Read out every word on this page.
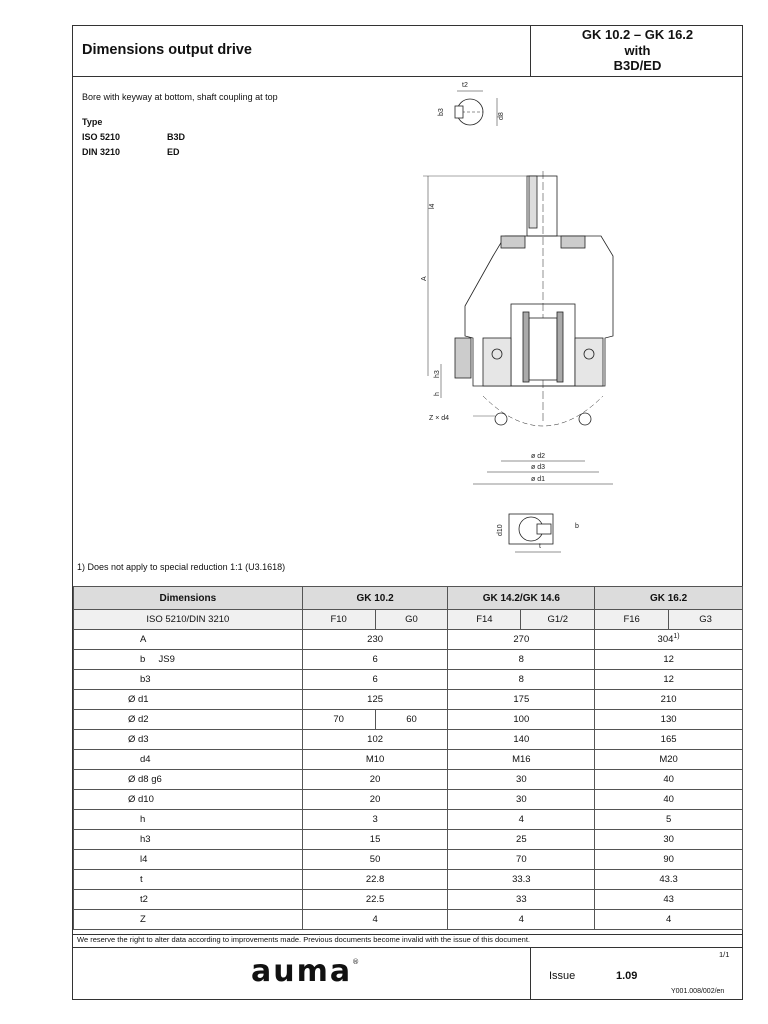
Dimensions output drive
GK 10.2 – GK 16.2
with
B3D/ED
Bore with keyway at bottom, shaft coupling at top
Type
ISO 5210	B3D
DIN 3210	ED
t2
b3
d8
l4
A
h3
h
Z × d4
ø d2
ø d3
ø d1
d10	b
t
1) Does not apply to special reduction 1:1 (U3.1618)
Dimensions	GK 10.2		GK 14.2/GK 14.6		GK 16.2	
ISO 5210/DIN 3210	F10	G0	F14	G1/2	F16	G3
A	230		270		304$^{1)}$
b     JS9	6		8		12	
b3	6		8		12	
Ø d1	125		175		210	
Ø d2	70	60	100		130	
Ø d3	102		140		165	
d4	M10		M16		M20	
Ø d8 g6	20		30		40	
Ø d10	20		30		40	
h	3		4		5	
h3	15		25		30	
l4	50		70		90	
t	22.8		33.3		43.3	
t2	22.5		33		43	
Z	4		4		4	
We reserve the right to alter data according to improvements made. Previous documents become invalid with the issue of this document.
auma®
1/1
Issue	1.09
Y001.008/002/en
